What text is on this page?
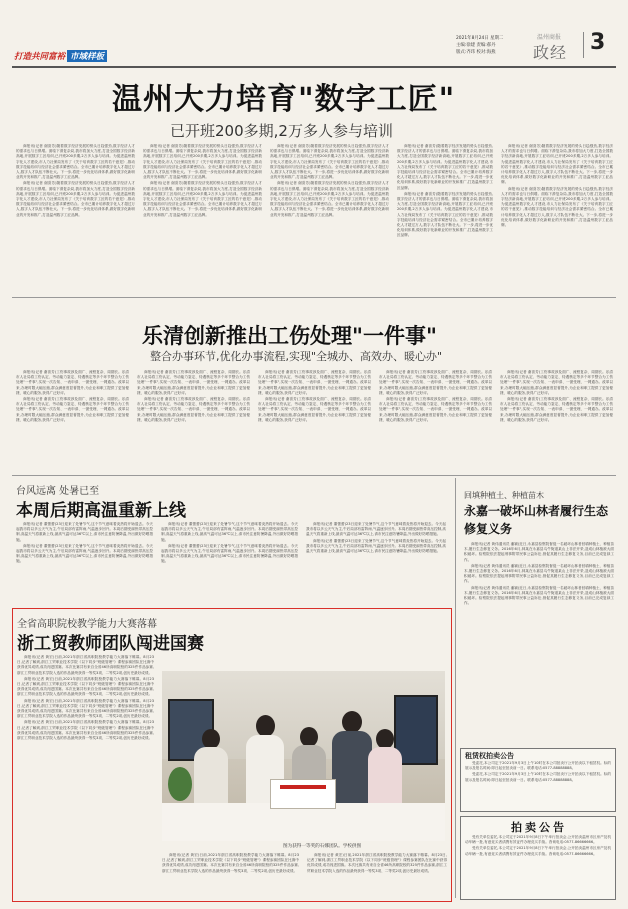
打造共同富裕 市域样板
2021年8月24日 星期二
主编:徐建 责编:郝丹
版式:齐玮 校对:海燕
温州商报
政经 3
温州大力培育"数字工匠"
已开班200多期,2万多人参与培训

商报讯(记者 谢喜芳)随着数字经济发展的势头日趋强劲,数字经济人才的需求也与日俱增。面临下滑复杂局,我市将加大力度,打造全国数字经济新高地,开展数字工匠培训,已开班200多期,2万多人参与培训。为促进温州数字化人才建设,市人力社保局发布了《关于培育数字工匠的若干意见》,推动数字技能培训与经济社会需求紧密结合。全市已累计培养数字化人才超过万人,数字人才队伍不断壮大。下一步,将进一步优化培训体系,做好数字化新职业的开发和推广,打造温州数字工匠品牌。

商报讯(记者 谢喜芳)随着数字经济发展的势头日趋强劲,数字经济人才的需求也与日俱增。面临下滑复杂局,我市将加大力度,打造全国数字经济新高地,开展数字工匠培训,已开班200多期,2万多人参与培训。为促进温州数字化人才建设,市人力社保局发布了《关于培育数字工匠的若干意见》,推动数字技能培训与经济社会需求紧密结合。全市已累计培养数字化人才超过万人,数字人才队伍不断壮大。下一步,将进一步优化培训体系,做好数字化新职业的开发和推广,打造温州数字工匠品牌。

商报讯(记者 谢喜芳)随着数字经济发展的势头日趋强劲,数字经济人才的需求也与日俱增。面临下滑复杂局,我市将加大力度,打造全国数字经济新高地,开展数字工匠培训,已开班200多期,2万多人参与培训。为促进温州数字化人才建设,市人力社保局发布了《关于培育数字工匠的若干意见》,推动数字技能培训与经济社会需求紧密结合。全市已累计培养数字化人才超过万人,数字人才队伍不断壮大。下一步,将进一步优化培训体系,做好数字化新职业的开发和推广,打造温州数字工匠品牌。

商报讯(记者 谢喜芳)随着数字经济发展的势头日趋强劲,数字经济人才的需求也与日俱增。面临下滑复杂局,我市将加大力度,打造全国数字经济新高地,开展数字工匠培训,已开班200多期,2万多人参与培训。为促进温州数字化人才建设,市人力社保局发布了《关于培育数字工匠的若干意见》,推动数字技能培训与经济社会需求紧密结合。全市已累计培养数字化人才超过万人,数字人才队伍不断壮大。下一步,将进一步优化培训体系,做好数字化新职业的开发和推广,打造温州数字工匠品牌。

商报讯(记者 谢喜芳)随着数字经济发展的势头日趋强劲,数字经济人才的需求也与日俱增。面临下滑复杂局,我市将加大力度,打造全国数字经济新高地,开展数字工匠培训,已开班200多期,2万多人参与培训。为促进温州数字化人才建设,市人力社保局发布了《关于培育数字工匠的若干意见》,推动数字技能培训与经济社会需求紧密结合。全市已累计培养数字化人才超过万人,数字人才队伍不断壮大。下一步,将进一步优化培训体系,做好数字化新职业的开发和推广,打造温州数字工匠品牌。

商报讯(记者 谢喜芳)随着数字经济发展的势头日趋强劲,数字经济人才的需求也与日俱增。面临下滑复杂局,我市将加大力度,打造全国数字经济新高地,开展数字工匠培训,已开班200多期,2万多人参与培训。为促进温州数字化人才建设,市人力社保局发布了《关于培育数字工匠的若干意见》,推动数字技能培训与经济社会需求紧密结合。全市已累计培养数字化人才超过万人,数字人才队伍不断壮大。下一步,将进一步优化培训体系,做好数字化新职业的开发和推广,打造温州数字工匠品牌。

商报讯(记者 谢喜芳)随着数字经济发展的势头日趋强劲,数字经济人才的需求也与日俱增。面临下滑复杂局,我市将加大力度,打造全国数字经济新高地,开展数字工匠培训,已开班200多期,2万多人参与培训。为促进温州数字化人才建设,市人力社保局发布了《关于培育数字工匠的若干意见》,推动数字技能培训与经济社会需求紧密结合。全市已累计培养数字化人才超过万人,数字人才队伍不断壮大。下一步,将进一步优化培训体系,做好数字化新职业的开发和推广,打造温州数字工匠品牌。

商报讯(记者 谢喜芳)随着数字经济发展的势头日趋强劲,数字经济人才的需求也与日俱增。面临下滑复杂局,我市将加大力度,打造全国数字经济新高地,开展数字工匠培训,已开班200多期,2万多人参与培训。为促进温州数字化人才建设,市人力社保局发布了《关于培育数字工匠的若干意见》,推动数字技能培训与经济社会需求紧密结合。全市已累计培养数字化人才超过万人,数字人才队伍不断壮大。下一步,将进一步优化培训体系,做好数字化新职业的开发和推广,打造温州数字工匠品牌。

商报讯(记者 谢喜芳)随着数字经济发展的势头日趋强劲,数字经济人才的需求也与日俱增。面临下滑复杂局,我市将加大力度,打造全国数字经济新高地,开展数字工匠培训,已开班200多期,2万多人参与培训。为促进温州数字化人才建设,市人力社保局发布了《关于培育数字工匠的若干意见》,推动数字技能培训与经济社会需求紧密结合。全市已累计培养数字化人才超过万人,数字人才队伍不断壮大。下一步,将进一步优化培训体系,做好数字化新职业的开发和推广,打造温州数字工匠品牌。

商报讯(记者 谢喜芳)随着数字经济发展的势头日趋强劲,数字经济人才的需求也与日俱增。面临下滑复杂局,我市将加大力度,打造全国数字经济新高地,开展数字工匠培训,已开班200多期,2万多人参与培训。为促进温州数字化人才建设,市人力社保局发布了《关于培育数字工匠的若干意见》,推动数字技能培训与经济社会需求紧密结合。全市已累计培养数字化人才超过万人,数字人才队伍不断壮大。下一步,将进一步优化培训体系,做好数字化新职业的开发和推广,打造温州数字工匠品牌。

乐清创新推出工伤处理"一件事"
整合办事环节,优化办事流程,实现"全城办、高效办、暖心办"

商报讯(记者 谢喜芳)工伤事故涉及面广、流程复杂、周期长。乐清市人社局将工伤认定、劳动能力鉴定、待遇核定等多个环节整合为工伤处理"一件事",实现一次告知、一表申请、一窗受理、一网通办。改革以来,办理时限大幅压缩,群众满意度显著提升,为企业和职工提供了更加便捷、暖心的服务,获得广泛好评。

商报讯(记者 谢喜芳)工伤事故涉及面广、流程复杂、周期长。乐清市人社局将工伤认定、劳动能力鉴定、待遇核定等多个环节整合为工伤处理"一件事",实现一次告知、一表申请、一窗受理、一网通办。改革以来,办理时限大幅压缩,群众满意度显著提升,为企业和职工提供了更加便捷、暖心的服务,获得广泛好评。

商报讯(记者 谢喜芳)工伤事故涉及面广、流程复杂、周期长。乐清市人社局将工伤认定、劳动能力鉴定、待遇核定等多个环节整合为工伤处理"一件事",实现一次告知、一表申请、一窗受理、一网通办。改革以来,办理时限大幅压缩,群众满意度显著提升,为企业和职工提供了更加便捷、暖心的服务,获得广泛好评。

商报讯(记者 谢喜芳)工伤事故涉及面广、流程复杂、周期长。乐清市人社局将工伤认定、劳动能力鉴定、待遇核定等多个环节整合为工伤处理"一件事",实现一次告知、一表申请、一窗受理、一网通办。改革以来,办理时限大幅压缩,群众满意度显著提升,为企业和职工提供了更加便捷、暖心的服务,获得广泛好评。

商报讯(记者 谢喜芳)工伤事故涉及面广、流程复杂、周期长。乐清市人社局将工伤认定、劳动能力鉴定、待遇核定等多个环节整合为工伤处理"一件事",实现一次告知、一表申请、一窗受理、一网通办。改革以来,办理时限大幅压缩,群众满意度显著提升,为企业和职工提供了更加便捷、暖心的服务,获得广泛好评。

商报讯(记者 谢喜芳)工伤事故涉及面广、流程复杂、周期长。乐清市人社局将工伤认定、劳动能力鉴定、待遇核定等多个环节整合为工伤处理"一件事",实现一次告知、一表申请、一窗受理、一网通办。改革以来,办理时限大幅压缩,群众满意度显著提升,为企业和职工提供了更加便捷、暖心的服务,获得广泛好评。

商报讯(记者 谢喜芳)工伤事故涉及面广、流程复杂、周期长。乐清市人社局将工伤认定、劳动能力鉴定、待遇核定等多个环节整合为工伤处理"一件事",实现一次告知、一表申请、一窗受理、一网通办。改革以来,办理时限大幅压缩,群众满意度显著提升,为企业和职工提供了更加便捷、暖心的服务,获得广泛好评。

商报讯(记者 谢喜芳)工伤事故涉及面广、流程复杂、周期长。乐清市人社局将工伤认定、劳动能力鉴定、待遇核定等多个环节整合为工伤处理"一件事",实现一次告知、一表申请、一窗受理、一网通办。改革以来,办理时限大幅压缩,群众满意度显著提升,为企业和职工提供了更加便捷、暖心的服务,获得广泛好评。

商报讯(记者 谢喜芳)工伤事故涉及面广、流程复杂、周期长。乐清市人社局将工伤认定、劳动能力鉴定、待遇核定等多个环节整合为工伤处理"一件事",实现一次告知、一表申请、一窗受理、一网通办。改革以来,办理时限大幅压缩,群众满意度显著提升,为企业和职工提供了更加便捷、暖心的服务,获得广泛好评。

商报讯(记者 谢喜芳)工伤事故涉及面广、流程复杂、周期长。乐清市人社局将工伤认定、劳动能力鉴定、待遇核定等多个环节整合为工伤处理"一件事",实现一次告知、一表申请、一窗受理、一网通办。改革以来,办理时限大幅压缩,群众满意度显著提升,为企业和职工提供了更加便捷、暖心的服务,获得广泛好评。

台风远离 处暑已至
本周后期高温重新上线

商报讯(记者 董蕾蕾)23日迎来了处暑节气,这个节气意味着炎热将开始退去。今天起我市将以多云天气为主,午后局部有雷阵雨,气温逐步回升。本周后期受副热带高压控制,高温天气将重新上线,最高气温可达36℃以上,请市民注意防暑降温,外出做好防晒措施。

商报讯(记者 董蕾蕾)23日迎来了处暑节气,这个节气意味着炎热将开始退去。今天起我市将以多云天气为主,午后局部有雷阵雨,气温逐步回升。本周后期受副热带高压控制,高温天气将重新上线,最高气温可达36℃以上,请市民注意防暑降温,外出做好防晒措施。

商报讯(记者 董蕾蕾)23日迎来了处暑节气,这个节气意味着炎热将开始退去。今天起我市将以多云天气为主,午后局部有雷阵雨,气温逐步回升。本周后期受副热带高压控制,高温天气将重新上线,最高气温可达36℃以上,请市民注意防暑降温,外出做好防晒措施。

商报讯(记者 董蕾蕾)23日迎来了处暑节气,这个节气意味着炎热将开始退去。今天起我市将以多云天气为主,午后局部有雷阵雨,气温逐步回升。本周后期受副热带高压控制,高温天气将重新上线,最高气温可达36℃以上,请市民注意防暑降温,外出做好防晒措施。

商报讯(记者 董蕾蕾)23日迎来了处暑节气,这个节气意味着炎热将开始退去。今天起我市将以多云天气为主,午后局部有雷阵雨,气温逐步回升。本周后期受副热带高压控制,高温天气将重新上线,最高气温可达36℃以上,请市民注意防暑降温,外出做好防晒措施。

商报讯(记者 董蕾蕾)23日迎来了处暑节气,这个节气意味着炎热将开始退去。今天起我市将以多云天气为主,午后局部有雷阵雨,气温逐步回升。本周后期受副热带高压控制,高温天气将重新上线,最高气温可达36℃以上,请市民注意防暑降温,外出做好防晒措施。

回填种植土、种植苗木
永嘉一破坏山林者履行生态修复义务

商报讯(记者 黄伟通讯员 潘颖)近日,永嘉县检察院督促一名破坏山林者回填种植土、种植苗木,履行生态修复义务。2016年6月,林某在永嘉县乌牛街道某山上非法开采,造成山林植被大面积破坏。检察院依法提起刑事附带民事公益诉讼,督促其履行生态修复义务,目前已完成复绿工作。

商报讯(记者 黄伟通讯员 潘颖)近日,永嘉县检察院督促一名破坏山林者回填种植土、种植苗木,履行生态修复义务。2016年6月,林某在永嘉县乌牛街道某山上非法开采,造成山林植被大面积破坏。检察院依法提起刑事附带民事公益诉讼,督促其履行生态修复义务,目前已完成复绿工作。

商报讯(记者 黄伟通讯员 潘颖)近日,永嘉县检察院督促一名破坏山林者回填种植土、种植苗木,履行生态修复义务。2016年6月,林某在永嘉县乌牛街道某山上非法开采,造成山林植被大面积破坏。检察院依法提起刑事附带民事公益诉讼,督促其履行生态修复义务,目前已完成复绿工作。

租赁权拍卖公告

受委托,本公司定于2021年9月3日上午10时在本公司拍卖厅公开拍卖以下租赁权。标的展示及报名时间:即日起至拍卖前一日。联系电话:0577-88888888。

受委托,本公司定于2021年9月3日上午10时在本公司拍卖厅公开拍卖以下租赁权。标的展示及报名时间:即日起至拍卖前一日。联系电话:0577-88888888。

拍卖公告

受有关单位委托,本公司定于2021年9月8日下午举行拍卖会,公开拍卖温州市区房产及机动车辆一批,有意竞买者请携有效证件办理竞买手续。咨询电话:0577-86666666。

受有关单位委托,本公司定于2021年9月8日下午举行拍卖会,公开拍卖温州市区房产及机动车辆一批,有意竞买者请携有效证件办理竞买手续。咨询电话:0577-86666666。

全省高职院校教学能力大赛落幕
浙工贸教师团队闯进国赛

商报讯(记者 黄宏)日前,2021年浙江省高职院校教学能力大赛落下帷幕。8月23日,记者了解到,浙江工贸职业技术学院《以下同步"班级管理"》课程参赛团队在比赛中获得优异成绩,成功闯进国赛。本次比赛共有来自全省46所高职院校的325件作品参赛,浙江工贸职业技术学院入选的作品最终获得一等奖3项、二等奖2项,创历史最好成绩。

商报讯(记者 黄宏)日前,2021年浙江省高职院校教学能力大赛落下帷幕。8月23日,记者了解到,浙江工贸职业技术学院《以下同步"班级管理"》课程参赛团队在比赛中获得优异成绩,成功闯进国赛。本次比赛共有来自全省46所高职院校的325件作品参赛,浙江工贸职业技术学院入选的作品最终获得一等奖3项、二等奖2项,创历史最好成绩。

商报讯(记者 黄宏)日前,2021年浙江省高职院校教学能力大赛落下帷幕。8月23日,记者了解到,浙江工贸职业技术学院《以下同步"班级管理"》课程参赛团队在比赛中获得优异成绩,成功闯进国赛。本次比赛共有来自全省46所高职院校的325件作品参赛,浙江工贸职业技术学院入选的作品最终获得一等奖3项、二等奖2项,创历史最好成绩。

商报讯(记者 黄宏)日前,2021年浙江省高职院校教学能力大赛落下帷幕。8月23日,记者了解到,浙江工贸职业技术学院《以下同步"班级管理"》课程参赛团队在比赛中获得优异成绩,成功闯进国赛。本次比赛共有来自全省46所高职院校的325件作品参赛,浙江工贸职业技术学院入选的作品最终获得一等奖3项、二等奖2项,创历史最好成绩。

图为获得一等奖的石娜团队。学校供图

商报讯(记者 黄宏)日前,2021年浙江省高职院校教学能力大赛落下帷幕。8月23日,记者了解到,浙江工贸职业技术学院《以下同步"班级管理"》课程参赛团队在比赛中获得优异成绩,成功闯进国赛。本次比赛共有来自全省46所高职院校的325件作品参赛,浙江工贸职业技术学院入选的作品最终获得一等奖3项、二等奖2项,创历史最好成绩。

商报讯(记者 黄宏)日前,2021年浙江省高职院校教学能力大赛落下帷幕。8月23日,记者了解到,浙江工贸职业技术学院《以下同步"班级管理"》课程参赛团队在比赛中获得优异成绩,成功闯进国赛。本次比赛共有来自全省46所高职院校的325件作品参赛,浙江工贸职业技术学院入选的作品最终获得一等奖3项、二等奖2项,创历史最好成绩。
